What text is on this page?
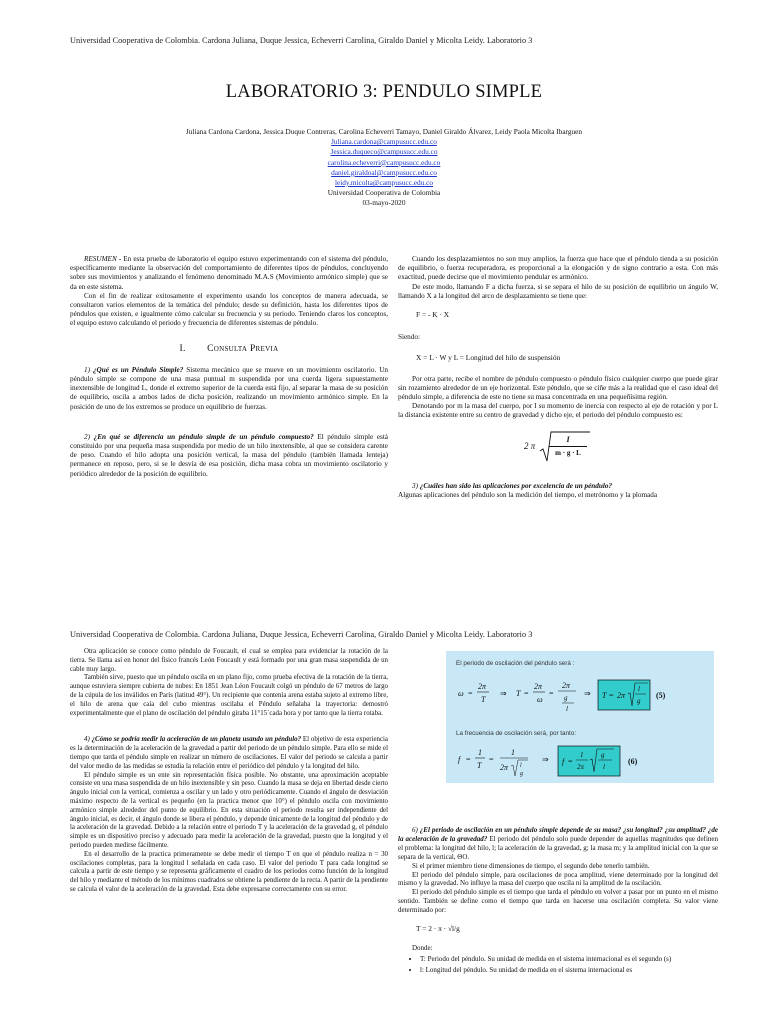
Universidad Cooperativa de Colombia. Cardona Juliana, Duque Jessica, Echeverri Carolina, Giraldo Daniel y Micolta Leidy. Laboratorio 3
LABORATORIO 3: PENDULO SIMPLE
Juliana Cardona Cardona, Jessica Duque Contreras, Carolina Echeverri Tamayo, Daniel Giraldo Álvarez, Leidy Paola Micolta Ibarguen
Juliana.cardona@campusucc.edu.co
Jessica.duqueco@campusucc.edu.co
carolina.echeverri@campusucc.edu.co
daniel.giraldoal@campusucc.edu.co
leidy.micolta@campusucc.edu.co
Universidad Cooperativa de Colombia
03-mayo-2020

RESUMEN - En esta prueba de laboratorio el equipo estuvo experimentando con el sistema del péndulo, específicamente mediante la observación del comportamiento de diferentes tipos de péndulos, concluyendo sobre sus movimientos y analizando el fenómeno denominado M.A.S (Movimiento armónico simple) que se da en este sistema.

Con el fin de realizar exitosamente el experimento usando los conceptos de manera adecuada, se consultaron varios elementos de la temática del péndulo; desde su definición, hasta los diferentes tipos de péndulos que existen, e igualmente cómo calcular su frecuencia y su periodo. Teniendo claros los conceptos, el equipo estuvo calculando el periodo y frecuencia de diferentes sistemas de péndulo.

I. Consulta Previa

1) ¿Qué es un Péndulo Simple? Sistema mecánico que se mueve en un movimiento oscilatorio. Un péndulo simple se compone de una masa puntual m suspendida por una cuerda ligera supuestamente inextensible de longitud L, donde el extremo superior de la cuerda está fijo, al separar la masa de su posición de equilibrio, oscila a ambos lados de dicha posición, realizando un movimiento armónico simple. En la posición de uno de los extremos se produce un equilibrio de fuerzas.

2) ¿En qué se diferencia un péndulo simple de un péndulo compuesto? El péndulo simple está constituido por una pequeña masa suspendida por medio de un hilo inextensible, al que se considera carente de peso. Cuando el hilo adopta una posición vertical, la masa del péndulo (también llamada lenteja) permanece en reposo, pero, si se le desvía de esa posición, dicha masa cobra un movimiento oscilatorio y periódico alrededor de la posición de equilibrio.

Cuando los desplazamientos no son muy amplios, la fuerza que hace que el péndulo tienda a su posición de equilibrio, o fuerza recuperadora, es proporcional a la elongación y de signo contrario a esta. Con más exactitud, puede decirse que el movimiento pendular es armónico.

De este modo, llamando F a dicha fuerza, si se separa el hilo de su posición de equilibrio un ángulo W, llamando X a la longitud del arco de desplazamiento se tiene que:

F = - K · X

Siendo:

X = L · W y L = Longitud del hilo de suspensión

Por otra parte, recibe el nombre de péndulo compuesto o péndulo físico cualquier cuerpo que puede girar sin rozamiento alrededor de un eje horizontal. Este péndulo, que se ciñe más a la realidad que el caso ideal del péndulo simple, a diferencia de este no tiene su masa concentrada en una pequeñísima región.

Denotando por m la masa del cuerpo, por I su momento de inercia con respecto al eje de rotación y por L la distancia existente entre su centro de gravedad y dicho eje, el periodo del péndulo compuesto es:

2 π
I
m · g · L

3) ¿Cuáles han sido las aplicaciones por excelencia de un péndulo?

Algunas aplicaciones del péndulo son la medición del tiempo, el metrónomo y la plomada

Universidad Cooperativa de Colombia. Cardona Juliana, Duque Jessica, Echeverri Carolina, Giraldo Daniel y Micolta Leidy. Laboratorio 3

Otra aplicación se conoce como péndulo de Foucault, el cual se emplea para evidenciar la rotación de la tierra. Se llama así en honor del físico francés León Foucault y está formado por una gran masa suspendida de un cable muy largo.

También sirve, puesto que un péndulo oscila en un plano fijo, como prueba efectiva de la rotación de la tierra, aunque estuviera siempre cubierta de nubes: En 1851 Jean Léon Foucault colgó un péndulo de 67 metros de largo de la cúpula de los inválidos en París (latitud 49°). Un recipiente que contenía arena estaba sujeto al extremo libre, el hilo de arena que caía del cubo mientras oscilaba el Péndulo señalaba la trayectoria: demostró experimentalmente que el plano de oscilación del péndulo giraba 11°15´cada hora y por tanto que la tierra rotaba.

4) ¿Cómo se podría medir la aceleración de un planeta usando un péndulo? El objetivo de esta experiencia es la determinación de la aceleración de la gravedad a partir del periodo de un péndulo simple. Para ello se mide el tiempo que tarda el péndulo simple en realizar un número de oscilaciones. El valor del periodo se calcula a partir del valor medio de las medidas se estudia la relación entre el periódico del péndulo y la longitud del hilo.

El péndulo simple es un ente sin representación física posible. No obstante, una aproximación aceptable consiste en una masa suspendida de un hilo inextensible y sin peso. Cuando la masa se deja en libertad desde cierto ángulo inicial con la vertical, comienza a oscilar y un lado y otro periódicamente. Cuando el ángulo de desviación máximo respecto de la vertical es pequeño (en la practica menor que 10°) el péndulo oscila con movimiento armónico simple alrededor del punto de equilibrio. En esta situación el periodo resulta ser independiente del ángulo inicial, es decir, el ángulo donde se libera el péndulo, y depende únicamente de la longitud del péndulo y de la aceleración de la gravedad. Debido a la relación entre el periodo T y la aceleración de la gravedad g, el péndulo simple es un dispositivo preciso y adecuado para medir la aceleración de la gravedad, puesto que la longitud y el periodo pueden medirse fácilmente.

En el desarrollo de la practica primeramente se debe medir el tiempo T en que el péndulo realiza n = 30 oscilaciones completas, para la longitud l señalada en cada caso. El valor del periodo T para cada longitud se calcula a partir de este tiempo y se representa gráficamente el cuadro de los periodos como función de la longitud del hilo y mediante el método de los mínimos cuadrados se obtiene la pendiente de la recta. A partir de la pendiente se calcula el valor de la aceleración de la gravedad. Esta debe expresarse correctamente con su error.

El periodo de oscilación del péndulo será :
ω =
2π
T
⇒ T =
2π
ω
=
2π
g
l
⇒ T = 2π
l
g
(5)
La frecuencia de oscilación será, por tanto:
f =
1
T
=
1
2π l
g
⇒ f =
1
2π
g
l
(6)

6) ¿El periodo de oscilación en un péndulo simple depende de su masa? ¿su longitud? ¿su amplitud? ¿de la aceleración de la gravedad? El periodo del péndulo solo puede depender de aquellas magnitudes que definen el problema: la longitud del hilo, l; la aceleración de la gravedad, g; la masa m; y la amplitud inicial con la que se separa de la vertical, ΘO.

Si el primer miembro tiene dimensiones de tiempo, el segundo debe tenerlo también.

El periodo del péndulo simple, para oscilaciones de poca amplitud, viene determinado por la longitud del mismo y la gravedad. No influye la masa del cuerpo que oscila ni la amplitud de la oscilación.

El periodo del péndulo simple es el tiempo que tarda el péndulo en volver a pasar por un punto en el mismo sentido. También se define como el tiempo que tarda en hacerse una oscilación completa. Su valor viene determinado por:

T = 2 · π · √l/g

Donde:

• T: Periodo del péndulo. Su unidad de medida en el sistema internacional es el segundo (s)
• l: Longitud del péndulo. Su unidad de medida en el sistema internacional es
